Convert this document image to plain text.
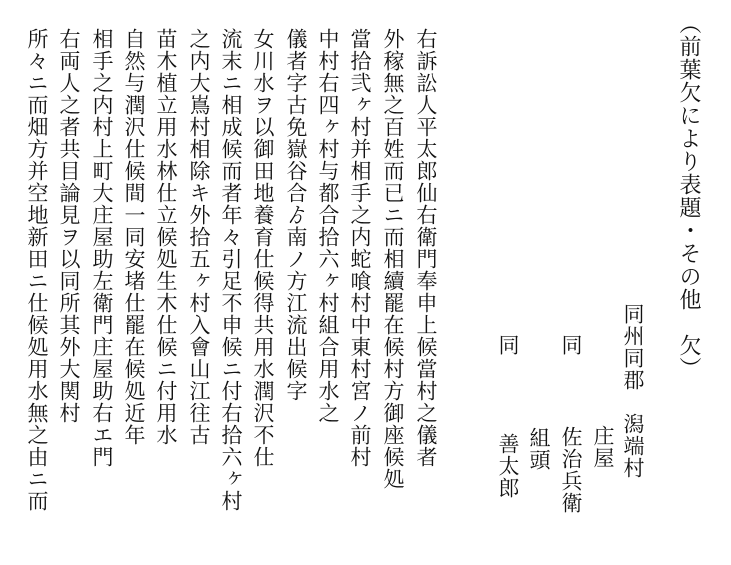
（前葉欠により表題・その他　欠）
同州同郡　潟端村
庄屋
佐治兵衛
同
組頭
同
善太郎
右訴訟人平太郎仙右衛門奉申上候當村之儀者
外稼無之百姓而已ニ而相續罷在候村方御座候処
當拾弐ヶ村并相手之内蛇喰村中東村宮ノ前村
中村右四ヶ村与都合拾六ヶ村組合用水之
儀者字古免嶽谷合ゟ南ノ方江流出候字
女川水ヲ以御田地養育仕候得共用水潤沢不仕
流末ニ相成候而者年々引足不申候ニ付右拾六ヶ村
之内大嶌村相除キ外拾五ヶ村入會山江往古
苗木植立用水林仕立候処生木仕候ニ付用水
自然与潤沢仕候間一同安堵仕罷在候処近年
相手之内村上町大庄屋助左衛門庄屋助右エ門
右両人之者共目論見ヲ以同所其外大関村
所々ニ而畑方并空地新田ニ仕候処用水無之由ニ而
